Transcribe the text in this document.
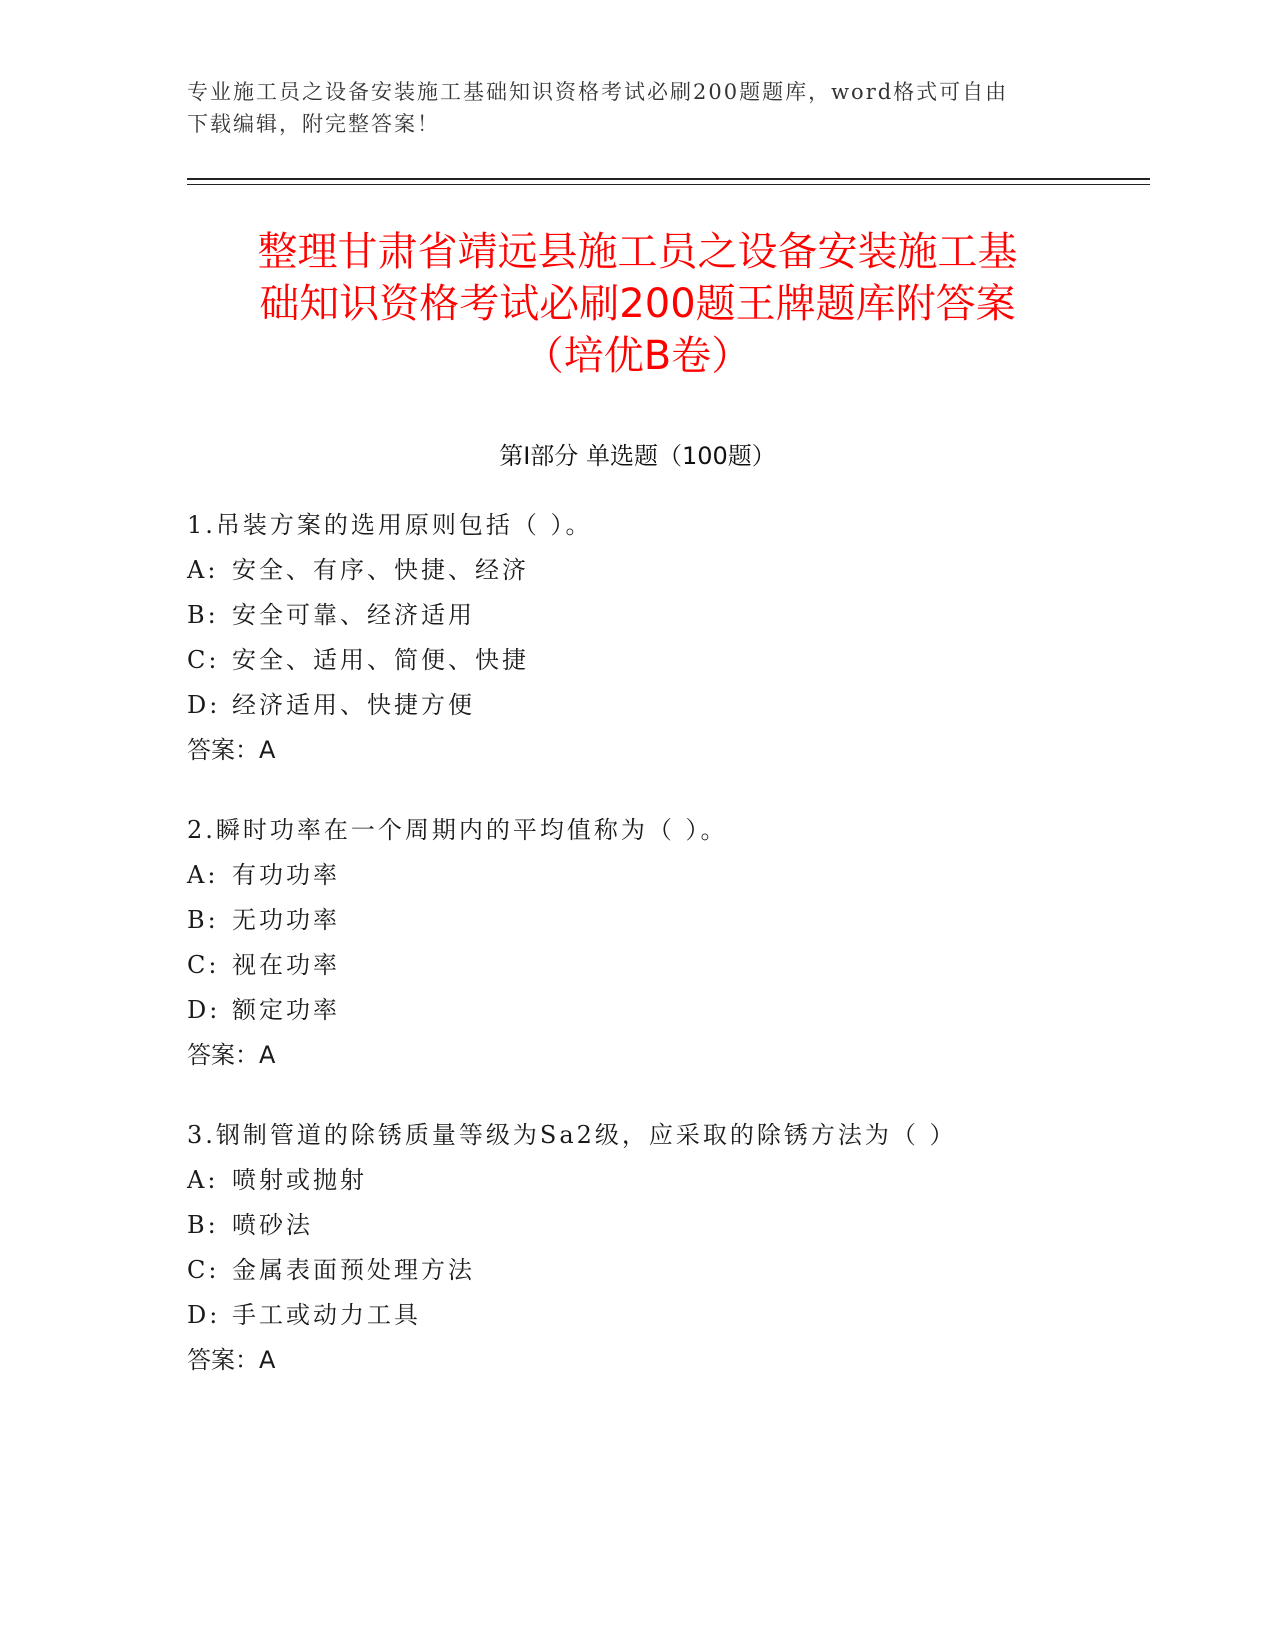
专业施工员之设备安装施工基础知识资格考试必刷200题题库，word格式可自由
下载编辑，附完整答案！
整理甘肃省靖远县施工员之设备安装施工基
础知识资格考试必刷200题王牌题库附答案
（培优B卷）
第Ⅰ部分 单选题（100题）
1.吊装方案的选用原则包括（ ）。
A: 安全、有序、快捷、经济
B: 安全可靠、经济适用
C: 安全、适用、简便、快捷
D: 经济适用、快捷方便
答案：A
2.瞬时功率在一个周期内的平均值称为（ ）。
A: 有功功率
B: 无功功率
C: 视在功率
D: 额定功率
答案：A
3.钢制管道的除锈质量等级为Sa2级，应采取的除锈方法为（ ）
A: 喷射或抛射
B: 喷砂法
C: 金属表面预处理方法
D: 手工或动力工具
答案：A
